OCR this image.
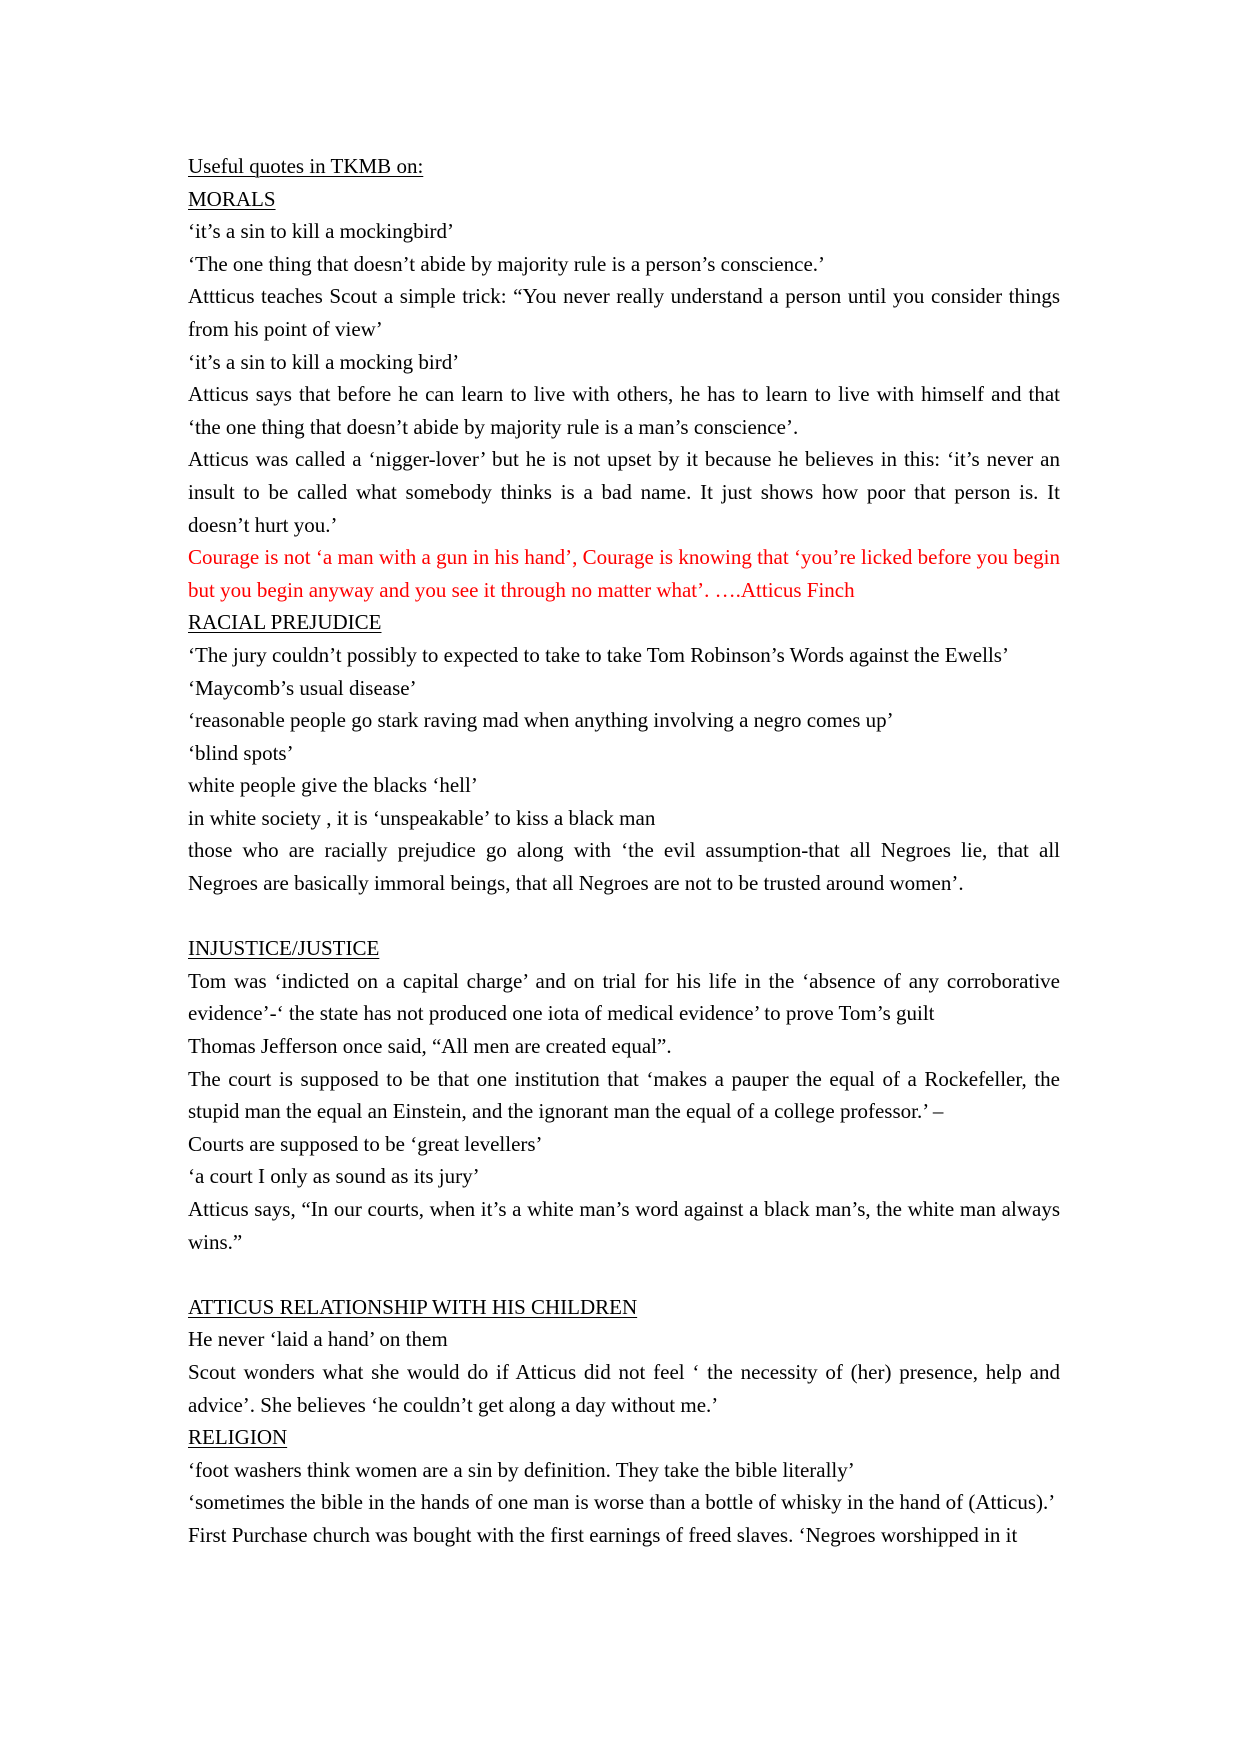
Useful quotes in TKMB on:

MORALS

‘it’s a sin to kill a mockingbird’

‘The one thing that doesn’t abide by majority rule is a person’s conscience.’

Attticus teaches Scout a simple trick: “You never really understand a person until you consider things from his point of view’

‘it’s a sin to kill a mocking bird’

Atticus says that before he can learn to live with others, he has to learn to live with himself and that ‘the one thing that doesn’t abide by majority rule is a man’s conscience’.

Atticus was called a ‘nigger-lover’ but he is not upset by it because he believes in this: ‘it’s never an insult to be called what somebody thinks is a bad name. It just shows how poor that person is. It doesn’t hurt you.’

Courage is not ‘a man with a gun in his hand’, Courage is knowing that ‘you’re licked before you begin but you begin anyway and you see it through no matter what’. ….Atticus Finch

RACIAL PREJUDICE

‘The jury couldn’t possibly to expected to take to take Tom Robinson’s Words against the Ewells’

‘Maycomb’s usual disease’

‘reasonable people go stark raving mad when anything involving a negro comes up’

‘blind spots’

white people give the blacks ‘hell’

in white society , it is ‘unspeakable’ to kiss a black man

those who are racially prejudice go along with ‘the evil assumption-that all Negroes lie, that all Negroes are basically immoral beings, that all Negroes are not to be trusted around women’.

INJUSTICE/JUSTICE

Tom was ‘indicted on a capital charge’ and on trial for his life in the ‘absence of any corroborative evidence’-‘ the state has not produced one iota of medical evidence’ to prove Tom’s guilt

Thomas Jefferson once said, “All men are created equal”.

The court is supposed to be that one institution that ‘makes a pauper the equal of a Rockefeller, the stupid man the equal an Einstein, and the ignorant man the equal of a college professor.’ –

Courts are supposed to be ‘great levellers’

‘a court I only as sound as its jury’

Atticus says, “In our courts, when it’s a white man’s word against a black man’s, the white man always wins.”

ATTICUS RELATIONSHIP WITH HIS CHILDREN

He never ‘laid a hand’ on them

Scout wonders what she would do if Atticus did not feel ‘ the necessity of (her) presence, help and advice’. She believes ‘he couldn’t get along a day without me.’

RELIGION

‘foot washers think women are a sin by definition. They take the bible literally’

‘sometimes the bible in the hands of one man is worse than a bottle of whisky in the hand of (Atticus).’

First Purchase church was bought with the first earnings of freed slaves. ‘Negroes worshipped in it
